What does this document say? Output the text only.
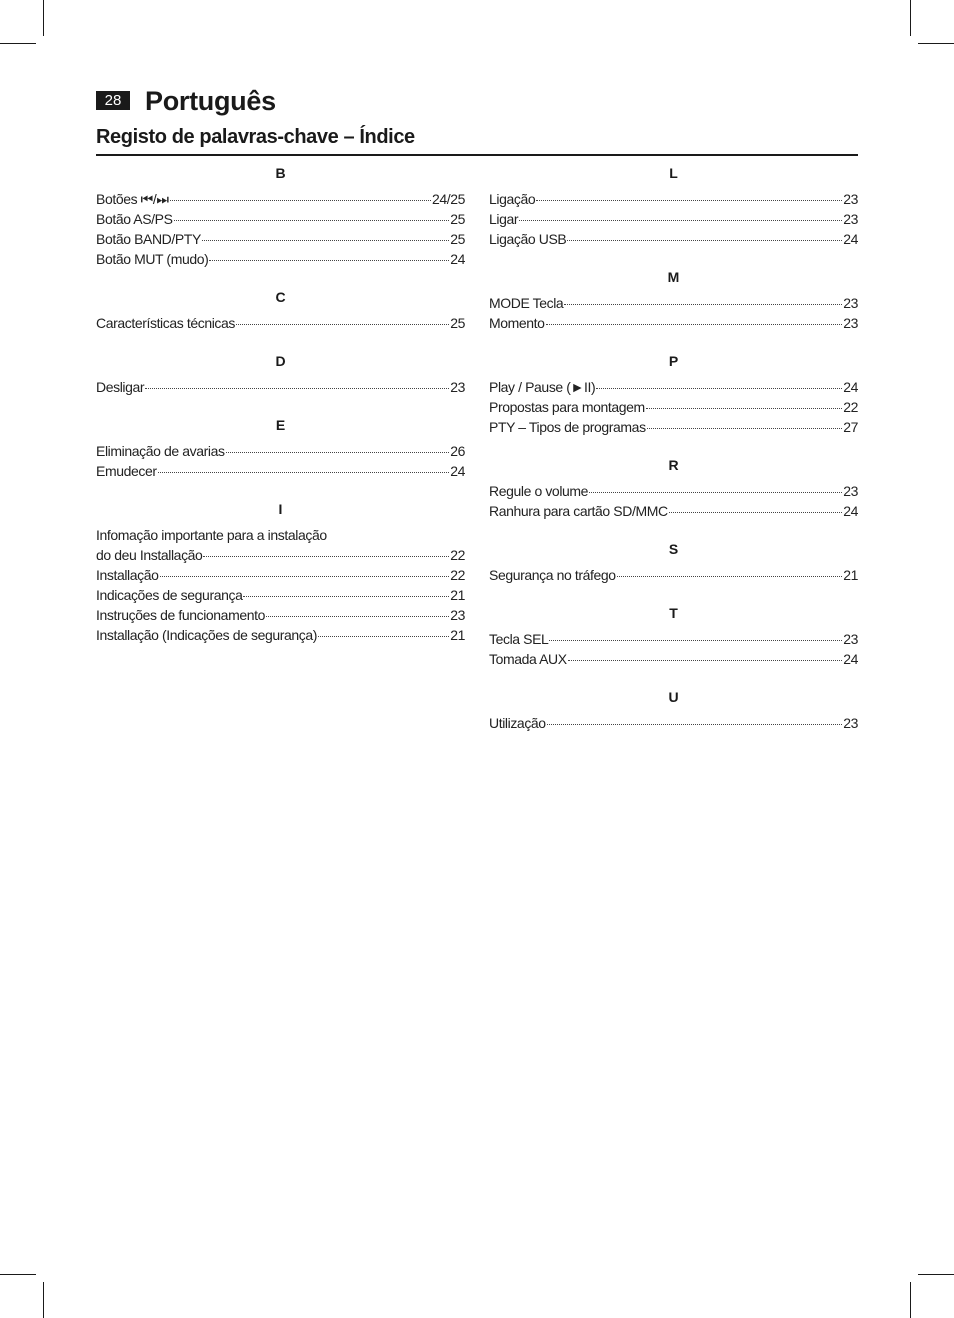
28 Português
Registo de palavras-chave – Índice
B
Botões ⏮/⏭	24/25
Botão AS/PS	25
Botão BAND/PTY	25
Botão MUT (mudo)	24
C
Características técnicas	25
D
Desligar	23
E
Eliminação de avarias	26
Emudecer	24
I
Infomação importante para a instalação
do deu Installação	22
Installação	22
Indicações de segurança	21
Instruções de funcionamento	23
Installação (Indicações de segurança)	21
L
Ligação	23
Ligar	23
Ligação USB	24
M
MODE Tecla	23
Momento	23
P
Play / Pause (►II)	24
Propostas para montagem	22
PTY – Tipos de programas	27
R
Regule o volume	23
Ranhura para cartão SD/MMC	24
S
Segurança no tráfego	21
T
Tecla SEL	23
Tomada AUX	24
U
Utilização	23
